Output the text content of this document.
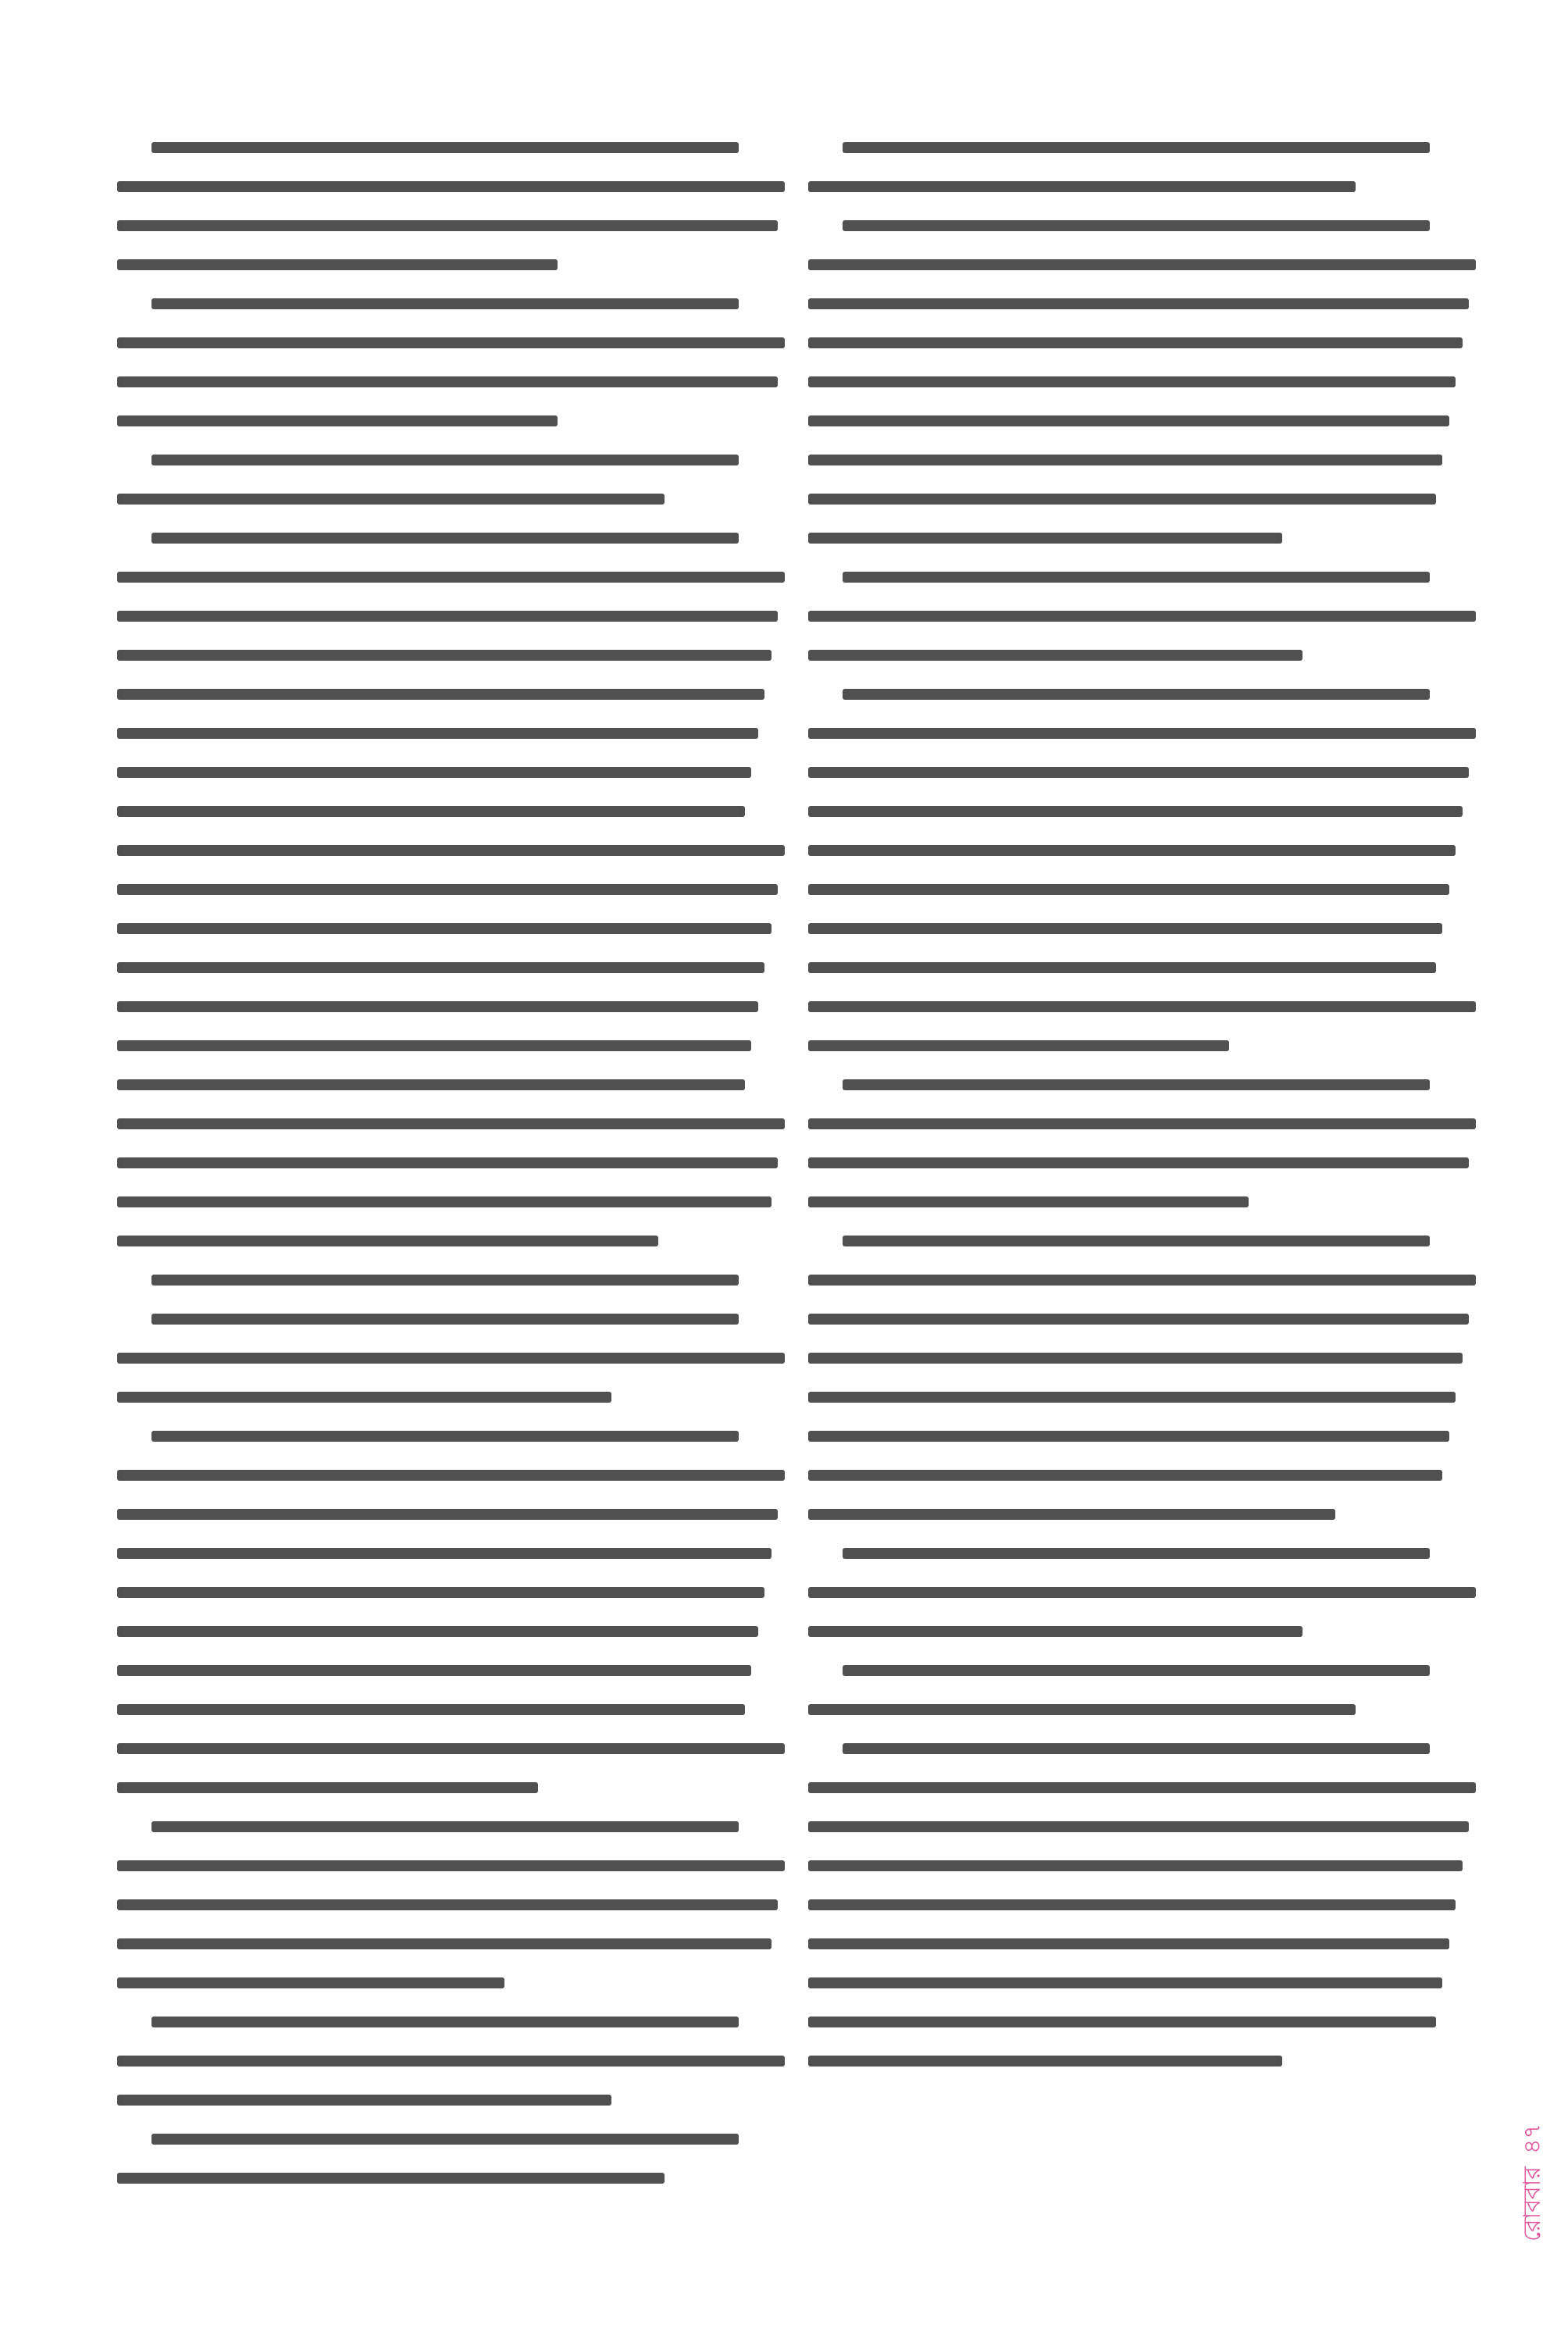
রোববার
৪৭
